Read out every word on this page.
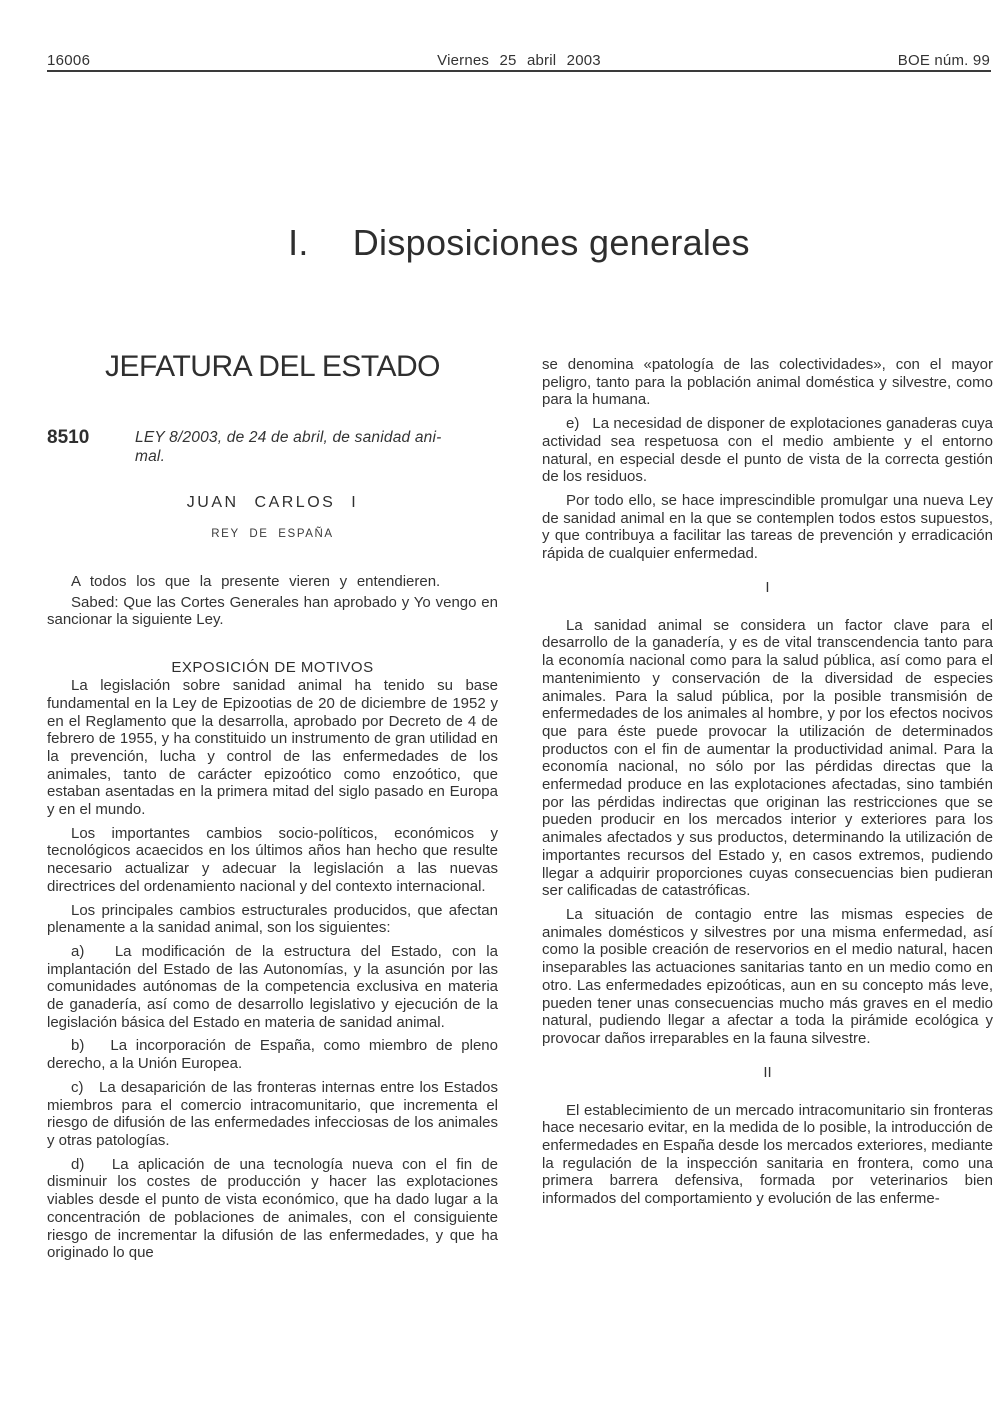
16006	Viernes 25 abril 2003	BOE núm. 99
I. Disposiciones generales
JEFATURA DEL ESTADO
8510	LEY 8/2003, de 24 de abril, de sanidad ani-
mal.
JUAN CARLOS I
REY DE ESPAÑA

A todos los que la presente vieren y entendieren.

Sabed: Que las Cortes Generales han aprobado y Yo vengo en sancionar la siguiente Ley.

EXPOSICIÓN DE MOTIVOS

La legislación sobre sanidad animal ha tenido su base fundamental en la Ley de Epizootias de 20 de diciembre de 1952 y en el Reglamento que la desarrolla, aprobado por Decreto de 4 de febrero de 1955, y ha constituido un instrumento de gran utilidad en la prevención, lucha y control de las enfermedades de los animales, tanto de carácter epizoótico como enzoótico, que estaban asentadas en la primera mitad del siglo pasado en Europa y en el mundo.

Los importantes cambios socio-políticos, económicos y tecnológicos acaecidos en los últimos años han hecho que resulte necesario actualizar y adecuar la legislación a las nuevas directrices del ordenamiento nacional y del contexto internacional.

Los principales cambios estructurales producidos, que afectan plenamente a la sanidad animal, son los siguientes:

a)   La modificación de la estructura del Estado, con la implantación del Estado de las Autonomías, y la asunción por las comunidades autónomas de la competencia exclusiva en materia de ganadería, así como de desarrollo legislativo y ejecución de la legislación básica del Estado en materia de sanidad animal.

b)   La incorporación de España, como miembro de pleno derecho, a la Unión Europea.

c)   La desaparición de las fronteras internas entre los Estados miembros para el comercio intracomunitario, que incrementa el riesgo de difusión de las enfermedades infecciosas de los animales y otras patologías.

d)   La aplicación de una tecnología nueva con el fin de disminuir los costes de producción y hacer las explotaciones viables desde el punto de vista económico, que ha dado lugar a la concentración de poblaciones de animales, con el consiguiente riesgo de incrementar la difusión de las enfermedades, y que ha originado lo que

se denomina «patología de las colectividades», con el mayor peligro, tanto para la población animal doméstica y silvestre, como para la humana.

e)   La necesidad de disponer de explotaciones ganaderas cuya actividad sea respetuosa con el medio ambiente y el entorno natural, en especial desde el punto de vista de la correcta gestión de los residuos.

Por todo ello, se hace imprescindible promulgar una nueva Ley de sanidad animal en la que se contemplen todos estos supuestos, y que contribuya a facilitar las tareas de prevención y erradicación rápida de cualquier enfermedad.

I

La sanidad animal se considera un factor clave para el desarrollo de la ganadería, y es de vital transcendencia tanto para la economía nacional como para la salud pública, así como para el mantenimiento y conservación de la diversidad de especies animales. Para la salud pública, por la posible transmisión de enfermedades de los animales al hombre, y por los efectos nocivos que para éste puede provocar la utilización de determinados productos con el fin de aumentar la productividad animal. Para la economía nacional, no sólo por las pérdidas directas que la enfermedad produce en las explotaciones afectadas, sino también por las pérdidas indirectas que originan las restricciones que se pueden producir en los mercados interior y exteriores para los animales afectados y sus productos, determinando la utilización de importantes recursos del Estado y, en casos extremos, pudiendo llegar a adquirir proporciones cuyas consecuencias bien pudieran ser calificadas de catastróficas.

La situación de contagio entre las mismas especies de animales domésticos y silvestres por una misma enfermedad, así como la posible creación de reservorios en el medio natural, hacen inseparables las actuaciones sanitarias tanto en un medio como en otro. Las enfermedades epizoóticas, aun en su concepto más leve, pueden tener unas consecuencias mucho más graves en el medio natural, pudiendo llegar a afectar a toda la pirámide ecológica y provocar daños irreparables en la fauna silvestre.

II

El establecimiento de un mercado intracomunitario sin fronteras hace necesario evitar, en la medida de lo posible, la introducción de enfermedades en España desde los mercados exteriores, mediante la regulación de la inspección sanitaria en frontera, como una primera barrera defensiva, formada por veterinarios bien informados del comportamiento y evolución de las enferme-
